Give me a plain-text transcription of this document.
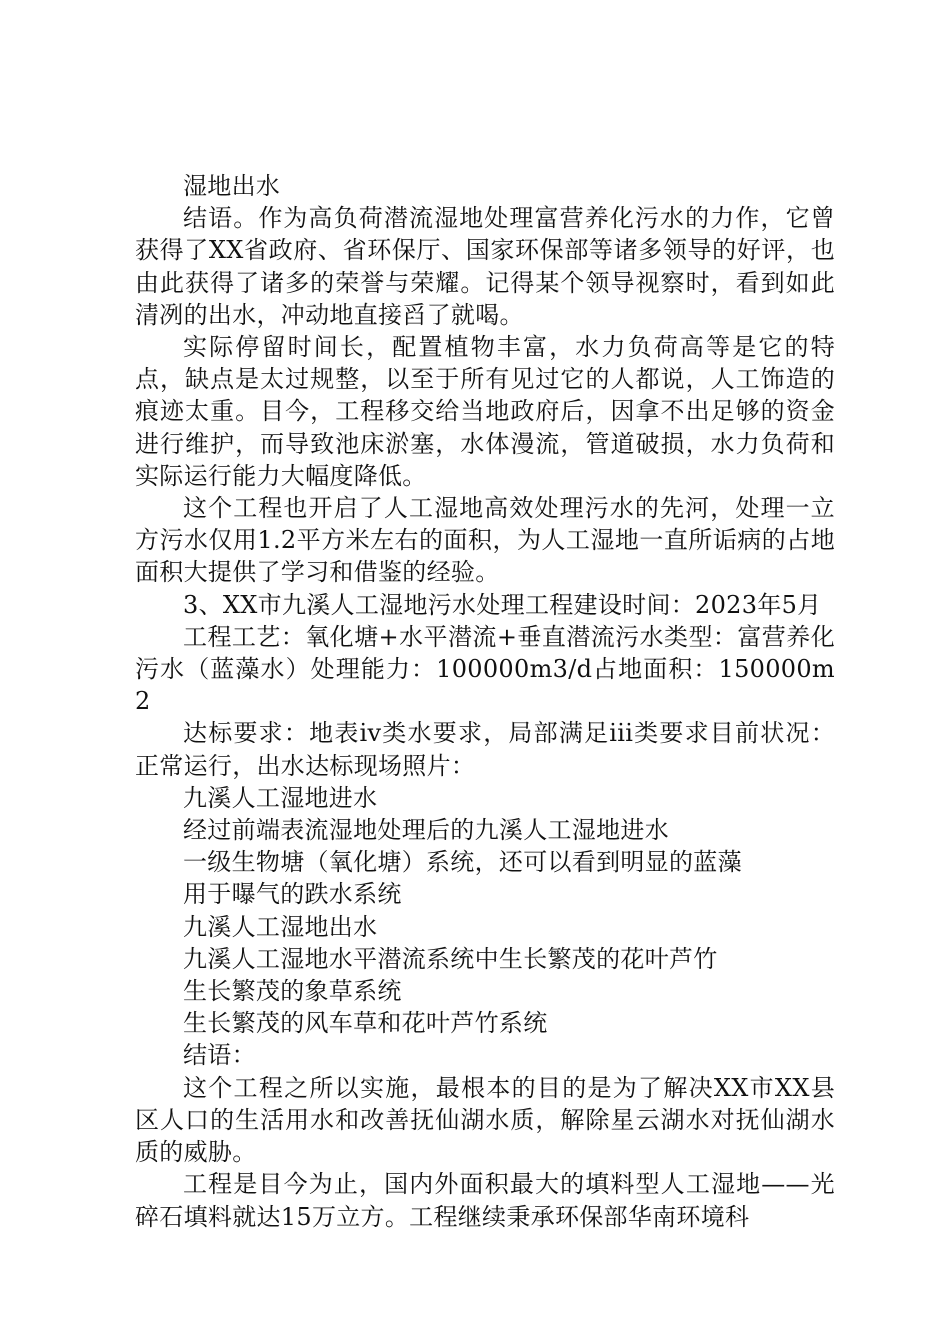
湿地出水

结语。作为高负荷潜流湿地处理富营养化污水的力作，它曾获得了XX省政府、省环保厅、国家环保部等诸多领导的好评，也由此获得了诸多的荣誉与荣耀。记得某个领导视察时，看到如此清冽的出水，冲动地直接舀了就喝。

实际停留时间长，配置植物丰富，水力负荷高等是它的特点，缺点是太过规整，以至于所有见过它的人都说，人工饰造的痕迹太重。目今，工程移交给当地政府后，因拿不出足够的资金进行维护，而导致池床淤塞，水体漫流，管道破损，水力负荷和实际运行能力大幅度降低。

这个工程也开启了人工湿地高效处理污水的先河，处理一立方污水仅用1.2平方米左右的面积，为人工湿地一直所诟病的占地面积大提供了学习和借鉴的经验。

3、XX市九溪人工湿地污水处理工程建设时间：2023年5月

工程工艺：氧化塘+水平潜流+垂直潜流污水类型：富营养化污水（蓝藻水）处理能力：100000m3/d占地面积：150000m2

达标要求：地表iv类水要求，局部满足iii类要求目前状况：正常运行，出水达标现场照片：

九溪人工湿地进水

经过前端表流湿地处理后的九溪人工湿地进水

一级生物塘（氧化塘）系统，还可以看到明显的蓝藻

用于曝气的跌水系统

九溪人工湿地出水

九溪人工湿地水平潜流系统中生长繁茂的花叶芦竹

生长繁茂的象草系统

生长繁茂的风车草和花叶芦竹系统

结语：

这个工程之所以实施，最根本的目的是为了解决XX市XX县区人口的生活用水和改善抚仙湖水质，解除星云湖水对抚仙湖水质的威胁。

工程是目今为止，国内外面积最大的填料型人工湿地——光碎石填料就达15万立方。工程继续秉承环保部华南环境科
